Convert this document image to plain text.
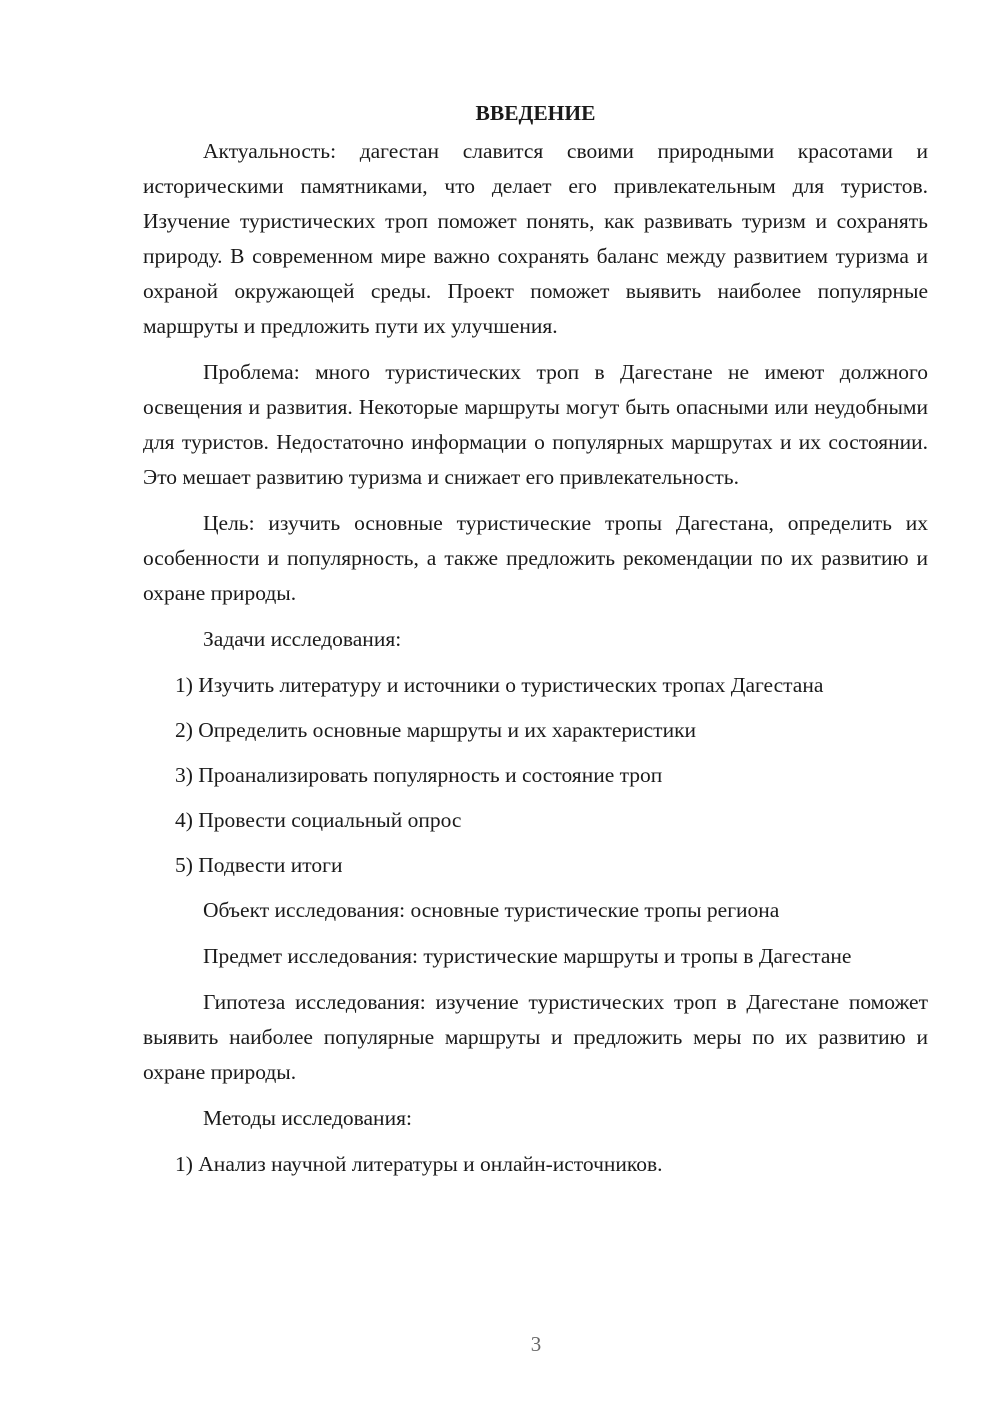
ВВЕДЕНИЕ

Актуальность: дагестан славится своими природными красотами и историческими памятниками, что делает его привлекательным для туристов. Изучение туристических троп поможет понять, как развивать туризм и сохранять природу. В современном мире важно сохранять баланс между развитием туризма и охраной окружающей среды. Проект поможет выявить наиболее популярные маршруты и предложить пути их улучшения.

Проблема: много туристических троп в Дагестане не имеют должного освещения и развития. Некоторые маршруты могут быть опасными или неудобными для туристов. Недостаточно информации о популярных маршрутах и их состоянии. Это мешает развитию туризма и снижает его привлекательность.

Цель: изучить основные туристические тропы Дагестана, определить их особенности и популярность, а также предложить рекомендации по их развитию и охране природы.

Задачи исследования:

1) Изучить литературу и источники о туристических тропах Дагестана

2) Определить основные маршруты и их характеристики

3) Проанализировать популярность и состояние троп

4) Провести социальный опрос

5) Подвести итоги

Объект исследования: основные туристические тропы региона

Предмет исследования: туристические маршруты и тропы в Дагестане

Гипотеза исследования: изучение туристических троп в Дагестане поможет выявить наиболее популярные маршруты и предложить меры по их развитию и охране природы.

Методы исследования:

1) Анализ научной литературы и онлайн-источников.

3
